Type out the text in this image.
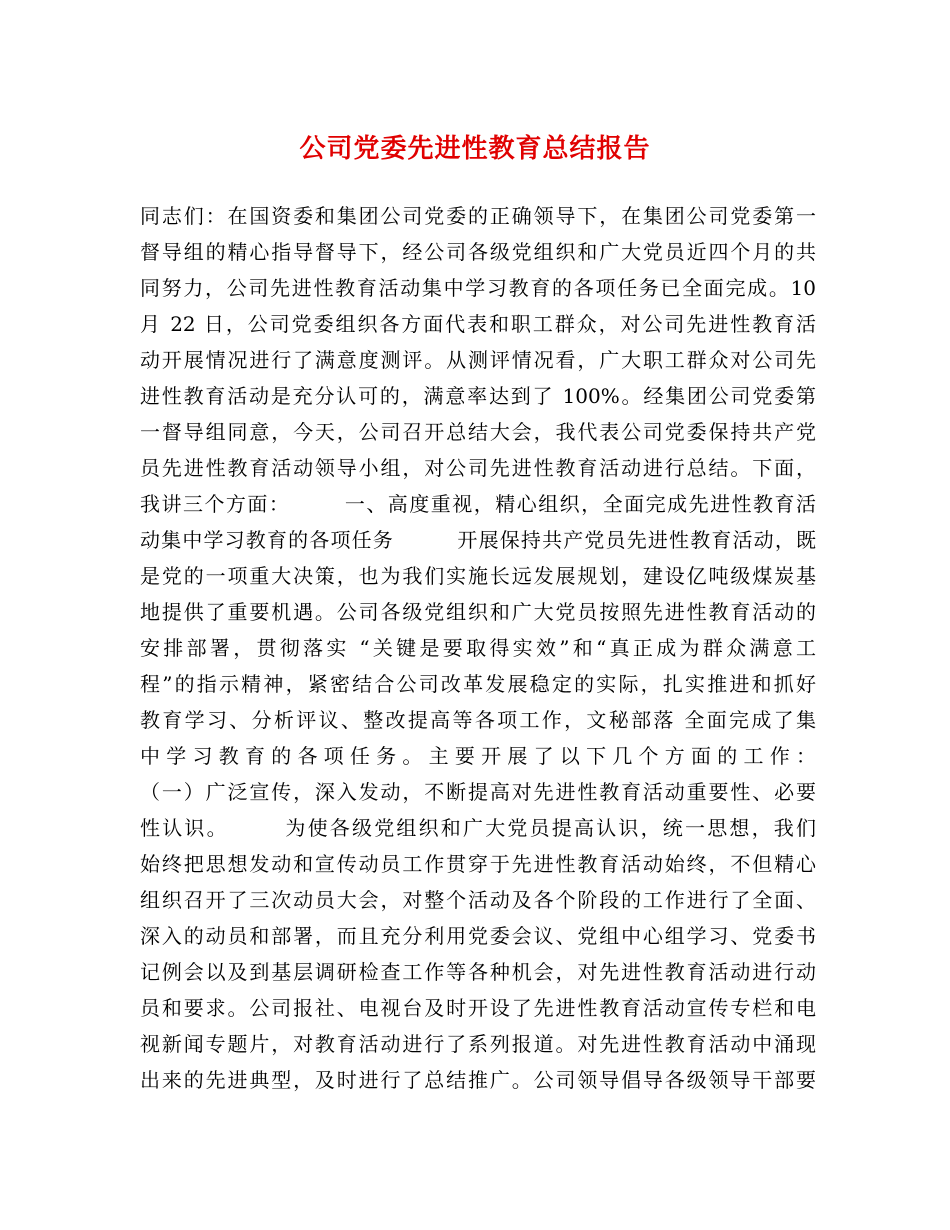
公司党委先进性教育总结报告
同志们：在国资委和集团公司党委的正确领导下，在集团公司党委第一
督导组的精心指导督导下，经公司各级党组织和广大党员近四个月的共
同努力，公司先进性教育活动集中学习教育的各项任务已全面完成。10
月 22 日，公司党委组织各方面代表和职工群众，对公司先进性教育活
动开展情况进行了满意度测评。从测评情况看，广大职工群众对公司先
进性教育活动是充分认可的，满意率达到了 100%。经集团公司党委第
一督导组同意，今天，公司召开总结大会，我代表公司党委保持共产党
员先进性教育活动领导小组，对公司先进性教育活动进行总结。下面，
我讲三个方面：　　　一、高度重视，精心组织，全面完成先进性教育活
动集中学习教育的各项任务　　　开展保持共产党员先进性教育活动，既
是党的一项重大决策，也为我们实施长远发展规划，建设亿吨级煤炭基
地提供了重要机遇。公司各级党组织和广大党员按照先进性教育活动的
安排部署，贯彻落实 “关键是要取得实效”和“真正成为群众满意工
程”的指示精神，紧密结合公司改革发展稳定的实际，扎实推进和抓好
教育学习、分析评议、整改提高等各项工作，文秘部落 全面完成了集
中学习教育的各项任务。主要开展了以下几个方面的工作：
（一）广泛宣传，深入发动，不断提高对先进性教育活动重要性、必要
性认识。　　　为使各级党组织和广大党员提高认识，统一思想，我们
始终把思想发动和宣传动员工作贯穿于先进性教育活动始终，不但精心
组织召开了三次动员大会，对整个活动及各个阶段的工作进行了全面、
深入的动员和部署，而且充分利用党委会议、党组中心组学习、党委书
记例会以及到基层调研检查工作等各种机会，对先进性教育活动进行动
员和要求。公司报社、电视台及时开设了先进性教育活动宣传专栏和电
视新闻专题片，对教育活动进行了系列报道。对先进性教育活动中涌现
出来的先进典型，及时进行了总结推广。公司领导倡导各级领导干部要
